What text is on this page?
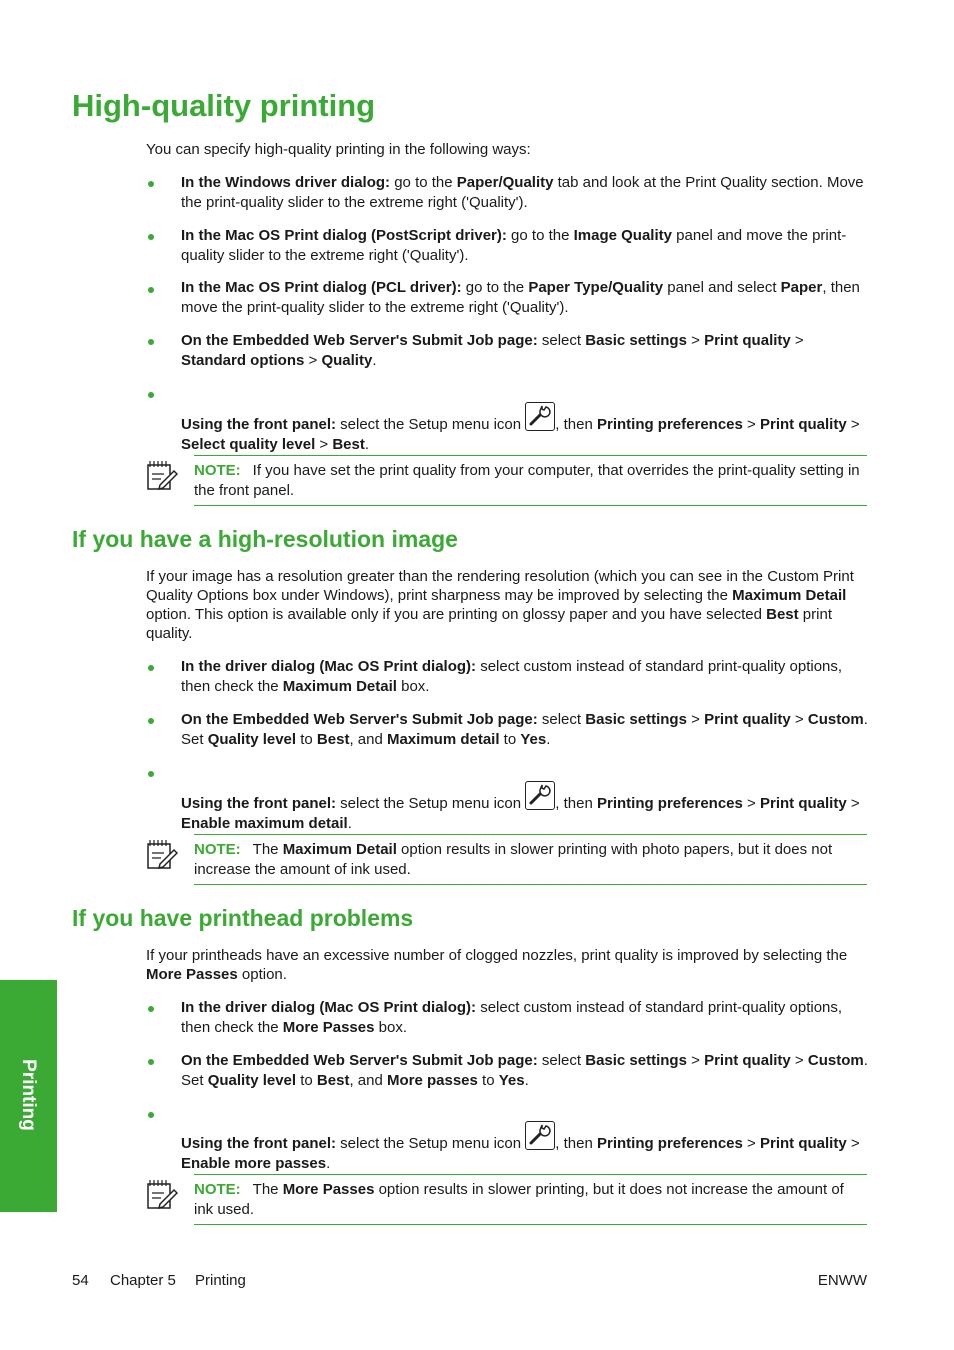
High-quality printing

You can specify high-quality printing in the following ways:

In the Windows driver dialog: go to the Paper/Quality tab and look at the Print Quality section. Move the print-quality slider to the extreme right ('Quality').

In the Mac OS Print dialog (PostScript driver): go to the Image Quality panel and move the print-quality slider to the extreme right ('Quality').

In the Mac OS Print dialog (PCL driver): go to the Paper Type/Quality panel and select Paper, then move the print-quality slider to the extreme right ('Quality').

On the Embedded Web Server's Submit Job page: select Basic settings > Print quality > Standard options > Quality.

Using the front panel: select the Setup menu icon
, then Printing preferences > Print quality > Select quality level > Best.

NOTE: If you have set the print quality from your computer, that overrides the print-quality setting in the front panel.
If you have a high-resolution image

If your image has a resolution greater than the rendering resolution (which you can see in the Custom Print Quality Options box under Windows), print sharpness may be improved by selecting the Maximum Detail option. This option is available only if you are printing on glossy paper and you have selected Best print quality.

In the driver dialog (Mac OS Print dialog): select custom instead of standard print-quality options, then check the Maximum Detail box.

On the Embedded Web Server's Submit Job page: select Basic settings > Print quality > Custom. Set Quality level to Best, and Maximum detail to Yes.

Using the front panel: select the Setup menu icon
, then Printing preferences > Print quality > Enable maximum detail.

NOTE: The Maximum Detail option results in slower printing with photo papers, but it does not increase the amount of ink used.
If you have printhead problems

If your printheads have an excessive number of clogged nozzles, print quality is improved by selecting the More Passes option.

In the driver dialog (Mac OS Print dialog): select custom instead of standard print-quality options, then check the More Passes box.

On the Embedded Web Server's Submit Job page: select Basic settings > Print quality > Custom. Set Quality level to Best, and More passes to Yes.

Using the front panel: select the Setup menu icon
, then Printing preferences > Print quality > Enable more passes.

NOTE: The More Passes option results in slower printing, but it does not increase the amount of ink used.
Printing
54 Chapter 5 Printing	ENWW
